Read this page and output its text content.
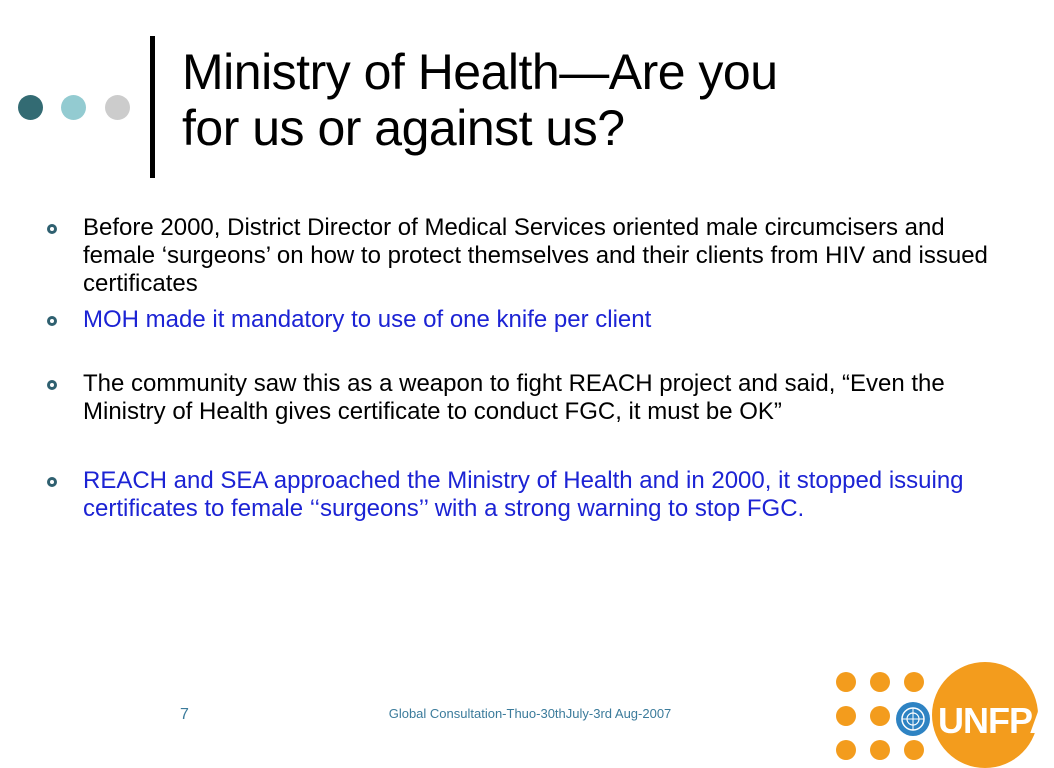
Ministry of Health—Are you
for us or against us?
Before 2000, District Director of Medical Services oriented male circumcisers and female ‘surgeons’ on how to protect themselves and their clients from HIV and issued certificates
MOH made it mandatory to use of one knife per client
The community saw this as a weapon to fight REACH project and said, “Even the Ministry of Health gives certificate to conduct FGC, it must be OK”
REACH and SEA approached the Ministry of Health and in 2000, it stopped issuing certificates to female ‘‘surgeons’’ with a strong warning to stop FGC.
7	Global Consultation-Thuo-30thJuly-3rd Aug-2007	UNFPA
